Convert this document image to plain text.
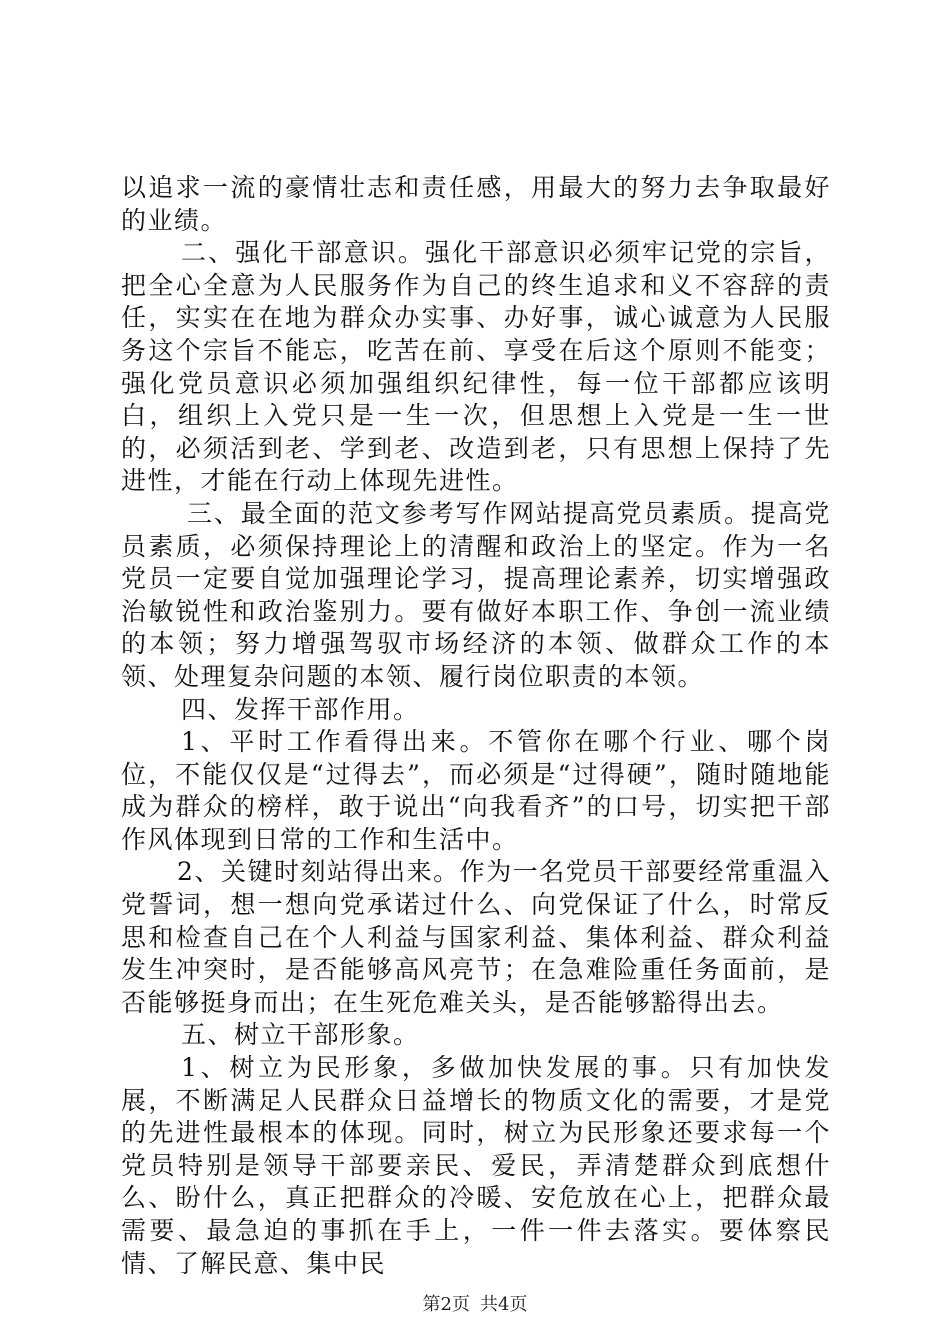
以追求一流的豪情壮志和责任感，用最大的努力去争取最好的业绩。

二、强化干部意识。强化干部意识必须牢记党的宗旨，把全心全意为人民服务作为自己的终生追求和义不容辞的责任，实实在在地为群众办实事、办好事，诚心诚意为人民服务这个宗旨不能忘，吃苦在前、享受在后这个原则不能变；强化党员意识必须加强组织纪律性，每一位干部都应该明白，组织上入党只是一生一次，但思想上入党是一生一世的，必须活到老、学到老、改造到老，只有思想上保持了先进性，才能在行动上体现先进性。

三、最全面的范文参考写作网站提高党员素质。提高党员素质，必须保持理论上的清醒和政治上的坚定。作为一名党员一定要自觉加强理论学习，提高理论素养，切实增强政治敏锐性和政治鉴别力。要有做好本职工作、争创一流业绩的本领；努力增强驾驭市场经济的本领、做群众工作的本领、处理复杂问题的本领、履行岗位职责的本领。

四、发挥干部作用。

1、平时工作看得出来。不管你在哪个行业、哪个岗位，不能仅仅是“过得去”，而必须是“过得硬”，随时随地能成为群众的榜样，敢于说出“向我看齐”的口号，切实把干部作风体现到日常的工作和生活中。

2、关键时刻站得出来。作为一名党员干部要经常重温入党誓词，想一想向党承诺过什么、向党保证了什么，时常反思和检查自己在个人利益与国家利益、集体利益、群众利益发生冲突时，是否能够高风亮节；在急难险重任务面前，是否能够挺身而出；在生死危难关头，是否能够豁得出去。

五、树立干部形象。

1、树立为民形象，多做加快发展的事。只有加快发展，不断满足人民群众日益增长的物质文化的需要，才是党的先进性最根本的体现。同时，树立为民形象还要求每一个党员特别是领导干部要亲民、爱民，弄清楚群众到底想什么、盼什么，真正把群众的冷暖、安危放在心上，把群众最需要、最急迫的事抓在手上，一件一件去落实。要体察民情、了解民意、集中民

第2页 共4页
